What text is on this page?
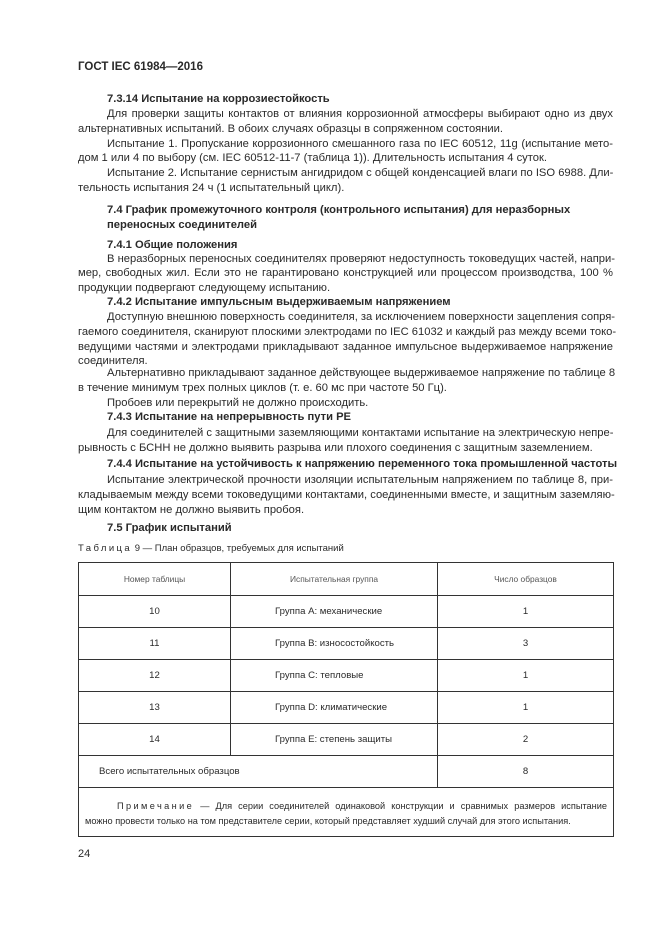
ГОСТ IEC 61984—2016
7.3.14 Испытание на коррозиестойкость
Для проверки защиты контактов от влияния коррозионной атмосферы выбирают одно из двух
альтернативных испытаний. В обоих случаях образцы в сопряженном состоянии.
Испытание 1. Пропускание коррозионного смешанного газа по IEC 60512, 11g (испытание мето-
дом 1 или 4 по выбору (см. IEC 60512-11-7 (таблица 1)). Длительность испытания 4 суток.
Испытание 2. Испытание сернистым ангидридом с общей конденсацией влаги по ISO 6988. Дли-
тельность испытания 24 ч (1 испытательный цикл).
7.4 График промежуточного контроля (контрольного испытания) для неразборных
переносных соединителей
7.4.1 Общие положения
В неразборных переносных соединителях проверяют недоступность токоведущих частей, напри-
мер, свободных жил. Если это не гарантировано конструкцией или процессом производства, 100 %
продукции подвергают следующему испытанию.
7.4.2 Испытание импульсным выдерживаемым напряжением
Доступную внешнюю поверхность соединителя, за исключением поверхности зацепления сопря-
гаемого соединителя, сканируют плоскими электродами по IEC 61032 и каждый раз между всеми токо-
ведущими частями и электродами прикладывают заданное импульсное выдерживаемое напряжение
соединителя.
Альтернативно прикладывают заданное действующее выдерживаемое напряжение по таблице 8
в течение минимум трех полных циклов (т. е. 60 мс при частоте 50 Гц).
Пробоев или перекрытий не должно происходить.
7.4.3 Испытание на непрерывность пути PE
Для соединителей с защитными заземляющими контактами испытание на электрическую непре-
рывность с БСНН не должно выявить разрыва или плохого соединения с защитным заземлением.
7.4.4 Испытание на устойчивость к напряжению переменного тока промышленной частоты
Испытание электрической прочности изоляции испытательным напряжением по таблице 8, при-
кладываемым между всеми токоведущими контактами, соединенными вместе, и защитным заземляю-
щим контактом не должно выявить пробоя.
7.5 График испытаний
Таблица 9 — План образцов, требуемых для испытаний
Номер таблицы	Испытательная группа	Число образцов
10	Группа A: механические	1
11	Группа B: износостойкость	3
12	Группа C: тепловые	1
13	Группа D: климатические	1
14	Группа E: степень защиты	2
Всего испытательных образцов		8

Примечание — Для серии соединителей одинаковой конструкции и сравнимых размеров испытание
можно провести только на том представителе серии, который представляет худший случай для этого испытания.		
24
